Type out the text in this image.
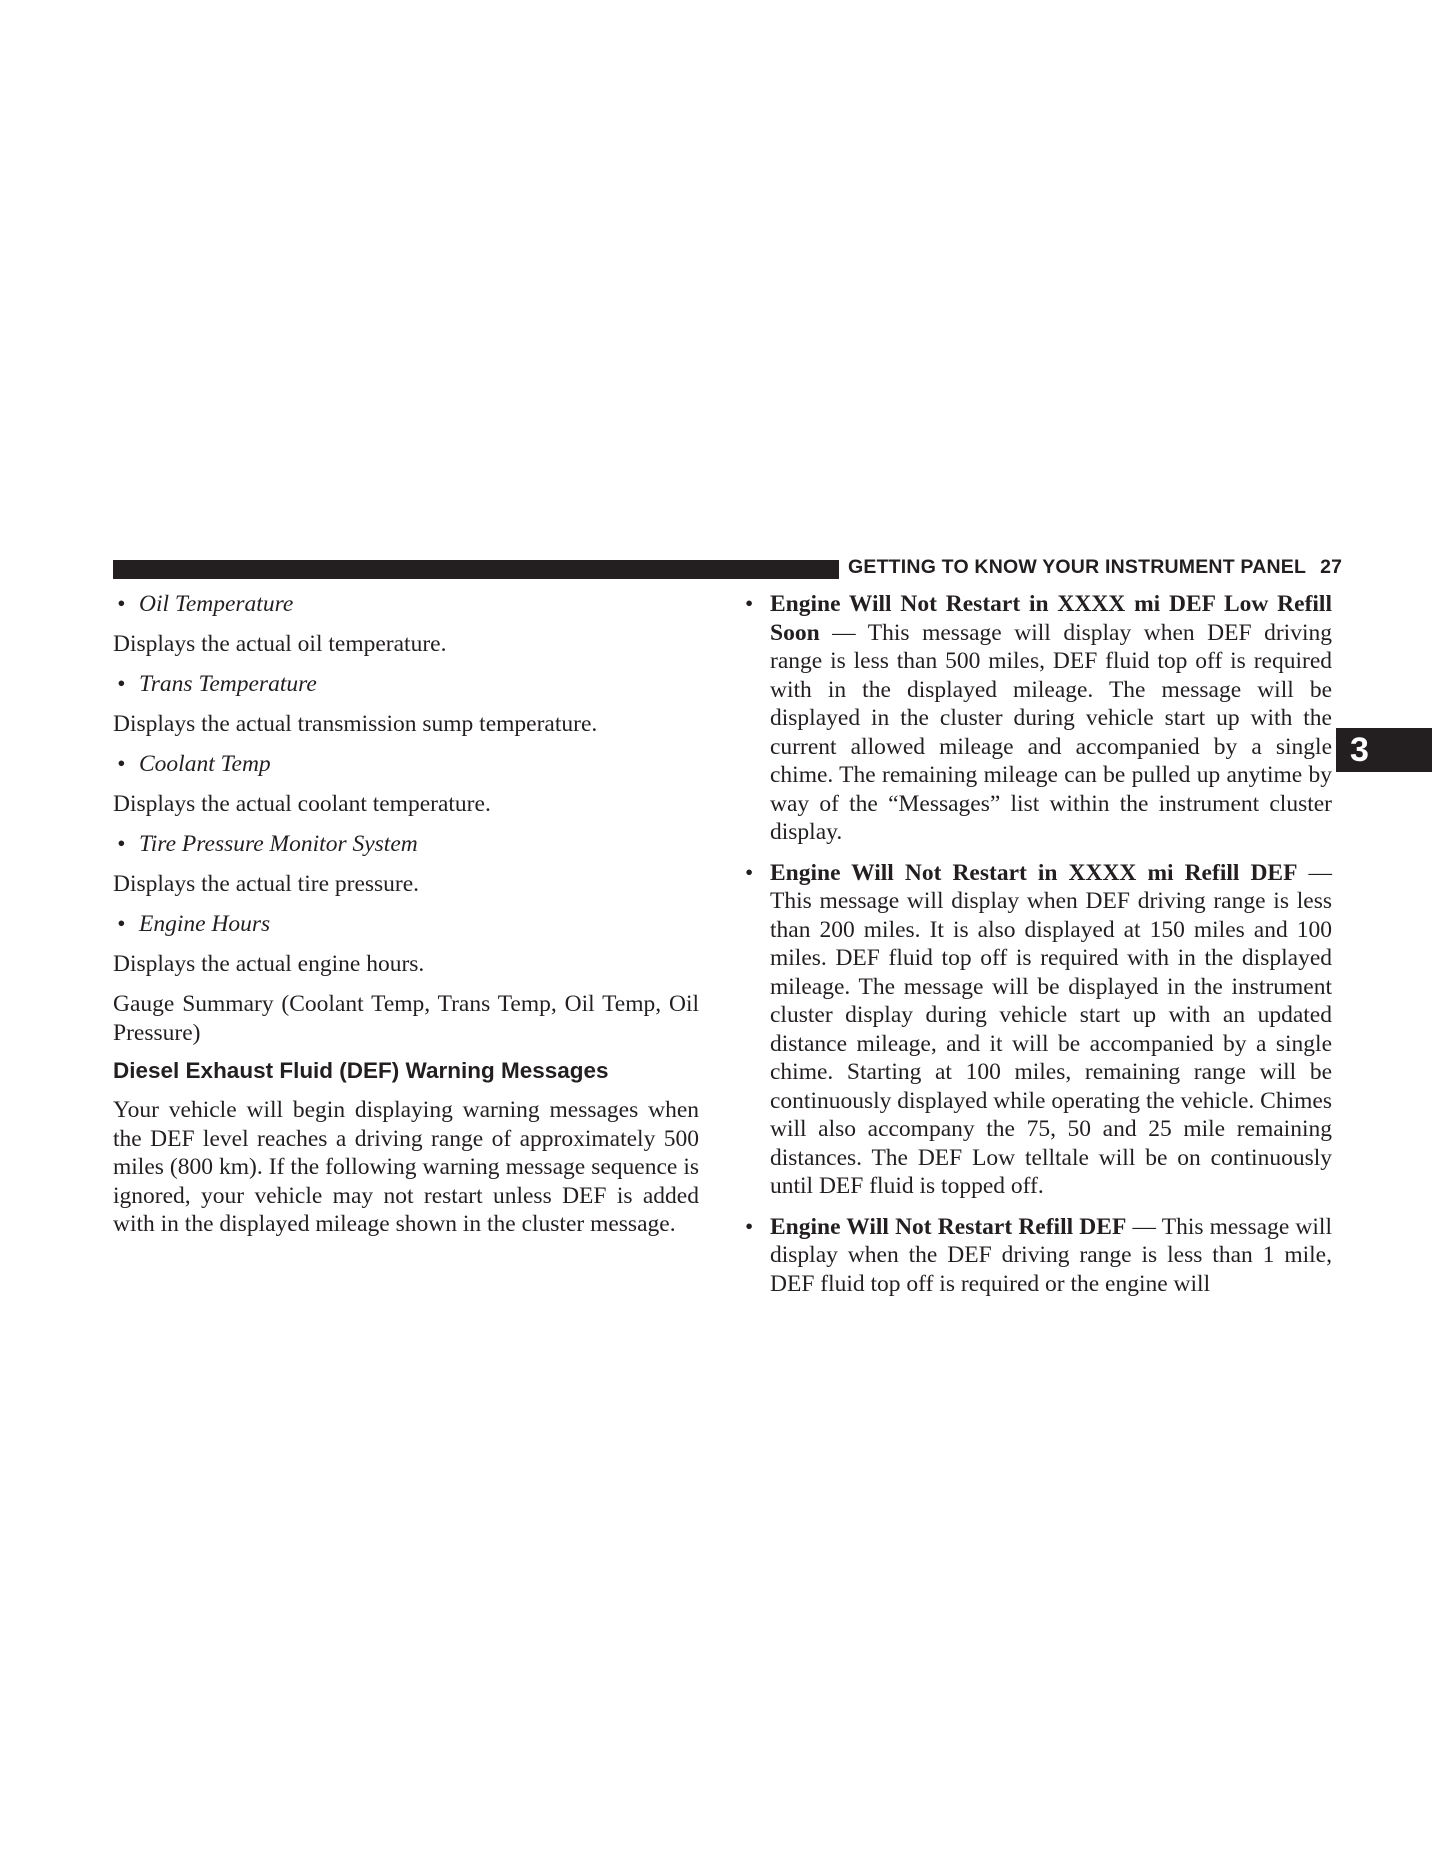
GETTING TO KNOW YOUR INSTRUMENT PANEL 27
3

• Oil Temperature

Displays the actual oil temperature.

• Trans Temperature

Displays the actual transmission sump temperature.

• Coolant Temp

Displays the actual coolant temperature.

• Tire Pressure Monitor System

Displays the actual tire pressure.

• Engine Hours

Displays the actual engine hours.

Gauge Summary (Coolant Temp, Trans Temp, Oil Temp, Oil Pressure)

Diesel Exhaust Fluid (DEF) Warning Messages

Your vehicle will begin displaying warning messages when the DEF level reaches a driving range of approximately 500 miles (800 km). If the following warning message sequence is ignored, your vehicle may not restart unless DEF is added with in the displayed mileage shown in the cluster message.

• Engine Will Not Restart in XXXX mi DEF Low Refill Soon — This message will display when DEF driving range is less than 500 miles, DEF fluid top off is required with in the displayed mileage. The message will be displayed in the cluster during vehicle start up with the current allowed mileage and accompanied by a single chime. The remaining mileage can be pulled up anytime by way of the “Messages” list within the instrument cluster display.

• Engine Will Not Restart in XXXX mi Refill DEF — This message will display when DEF driving range is less than 200 miles. It is also displayed at 150 miles and 100 miles. DEF fluid top off is required with in the displayed mileage. The message will be displayed in the instrument cluster display during vehicle start up with an updated distance mileage, and it will be accompanied by a single chime. Starting at 100 miles, remaining range will be continuously displayed while operating the vehicle. Chimes will also accompany the 75, 50 and 25 mile remaining distances. The DEF Low telltale will be on continuously until DEF fluid is topped off.

• Engine Will Not Restart Refill DEF — This message will display when the DEF driving range is less than 1 mile, DEF fluid top off is required or the engine will
